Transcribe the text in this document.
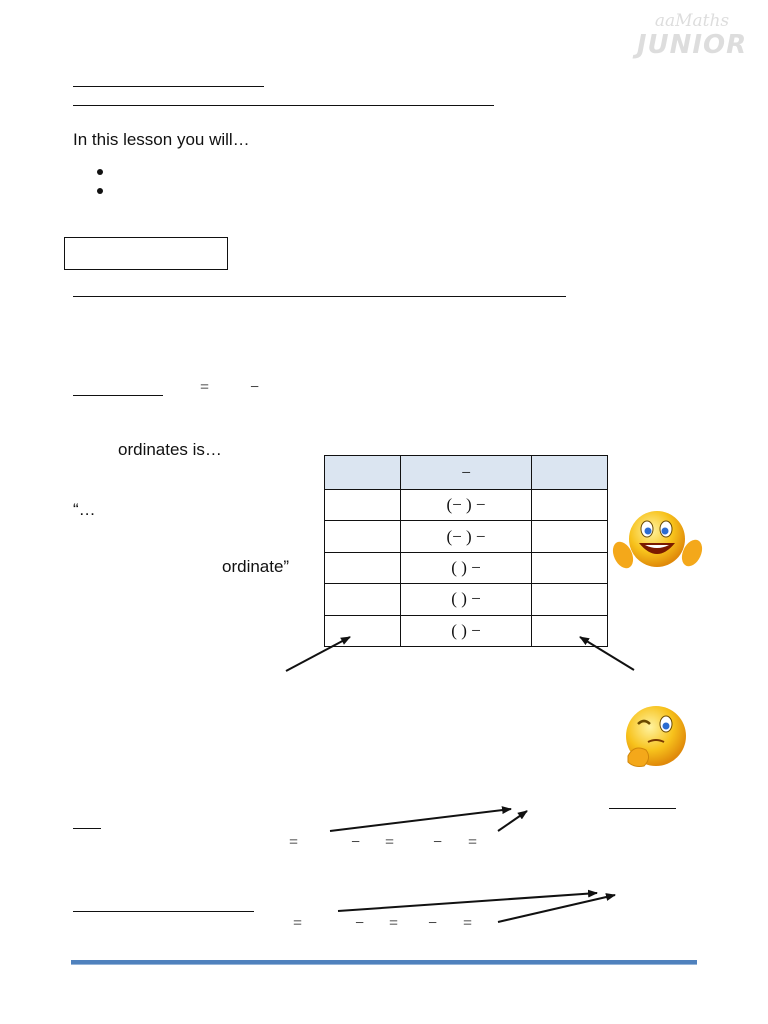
ааMaths
JUNIOR
In this lesson you will…
=	−
ordinates is…
“…
ordinate”
	−	
	(− ) −	
	(− ) −	
	( ) −	
	( ) −	
	( ) −	
=	− = − =
=	− = − =
